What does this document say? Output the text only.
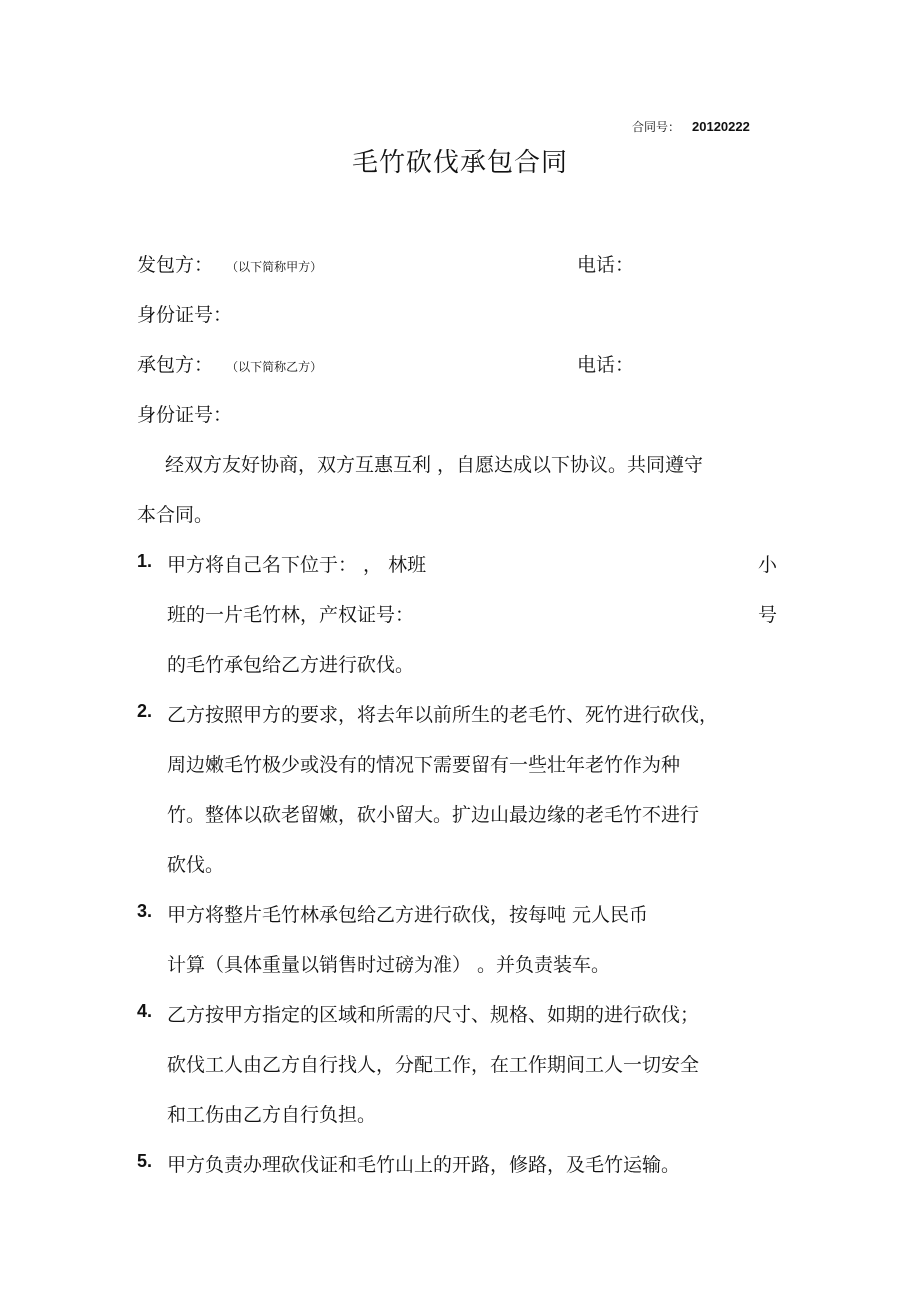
合同号： 20120222
毛竹砍伐承包合同
发包方： （以下简称甲方）	电话：
身份证号：
承包方： （以下简称乙方）	电话：
身份证号：
经双方友好协商，双方互惠互利 ，自愿达成以下协议。共同遵守
本合同。
1. 甲方将自己名下位于： ， 林班	小
班的一片毛竹林，产权证号：	号
的毛竹承包给乙方进行砍伐。
2. 乙方按照甲方的要求，将去年以前所生的老毛竹、死竹进行砍伐，
周边嫩毛竹极少或没有的情况下需要留有一些壮年老竹作为种
竹。整体以砍老留嫩，砍小留大。扩边山最边缘的老毛竹不进行
砍伐。
3. 甲方将整片毛竹林承包给乙方进行砍伐，按每吨 元人民币
计算（具体重量以销售时过磅为准） 。并负责装车。
4. 乙方按甲方指定的区域和所需的尺寸、规格、如期的进行砍伐；
砍伐工人由乙方自行找人，分配工作，在工作期间工人一切安全
和工伤由乙方自行负担。
5. 甲方负责办理砍伐证和毛竹山上的开路，修路，及毛竹运输。
